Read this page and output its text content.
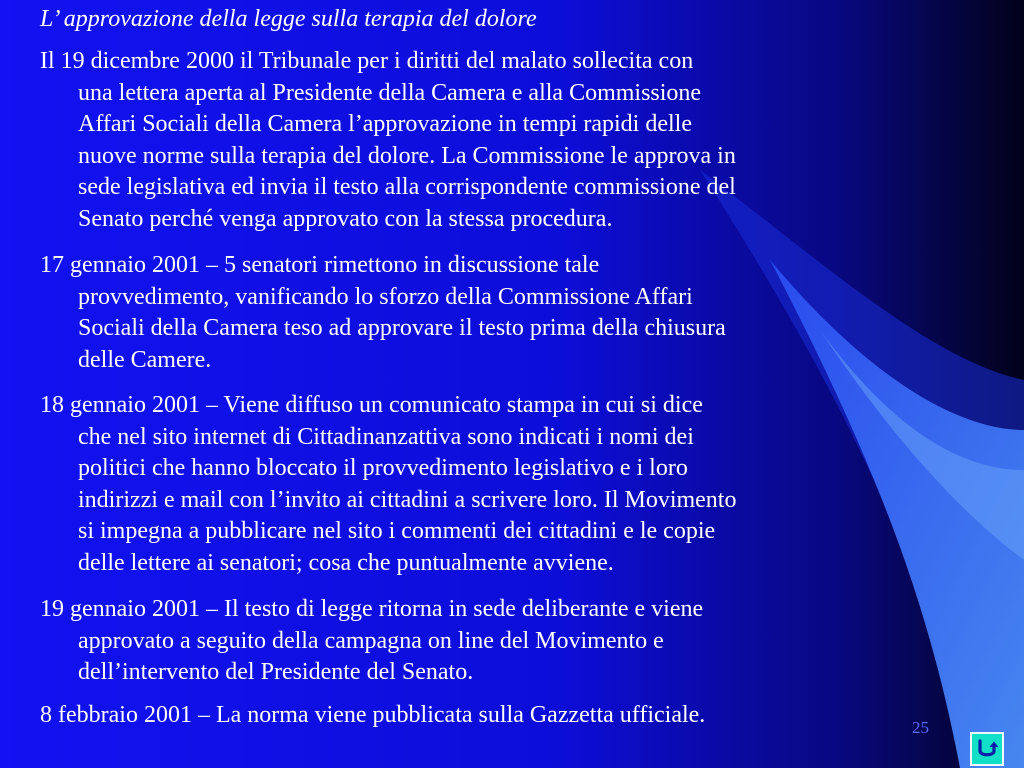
L’ approvazione della legge sulla terapia del dolore
Il 19 dicembre 2000 il Tribunale per i diritti del malato sollecita con
una lettera aperta al Presidente della Camera e alla Commissione
Affari Sociali della Camera l’approvazione in tempi rapidi delle
nuove norme sulla terapia del dolore. La Commissione le approva in
sede legislativa ed invia il testo alla corrispondente commissione del
Senato perché venga approvato con la stessa procedura.
17 gennaio 2001 – 5 senatori rimettono in discussione tale
provvedimento, vanificando lo sforzo della Commissione Affari
Sociali della Camera teso ad approvare il testo prima della chiusura
delle Camere.
18 gennaio 2001 – Viene diffuso un comunicato stampa in cui si dice
che nel sito internet di Cittadinanzattiva sono indicati i nomi dei
politici che hanno bloccato il provvedimento legislativo e i loro
indirizzi e mail con l’invito ai cittadini a scrivere loro. Il Movimento
si impegna a pubblicare nel sito i commenti dei cittadini e le copie
delle lettere ai senatori; cosa che puntualmente avviene.
19 gennaio 2001 – Il testo di legge ritorna in sede deliberante e viene
approvato a seguito della campagna on line del Movimento e
dell’intervento del Presidente del Senato.
8 febbraio 2001 – La norma viene pubblicata sulla Gazzetta ufficiale.	25
